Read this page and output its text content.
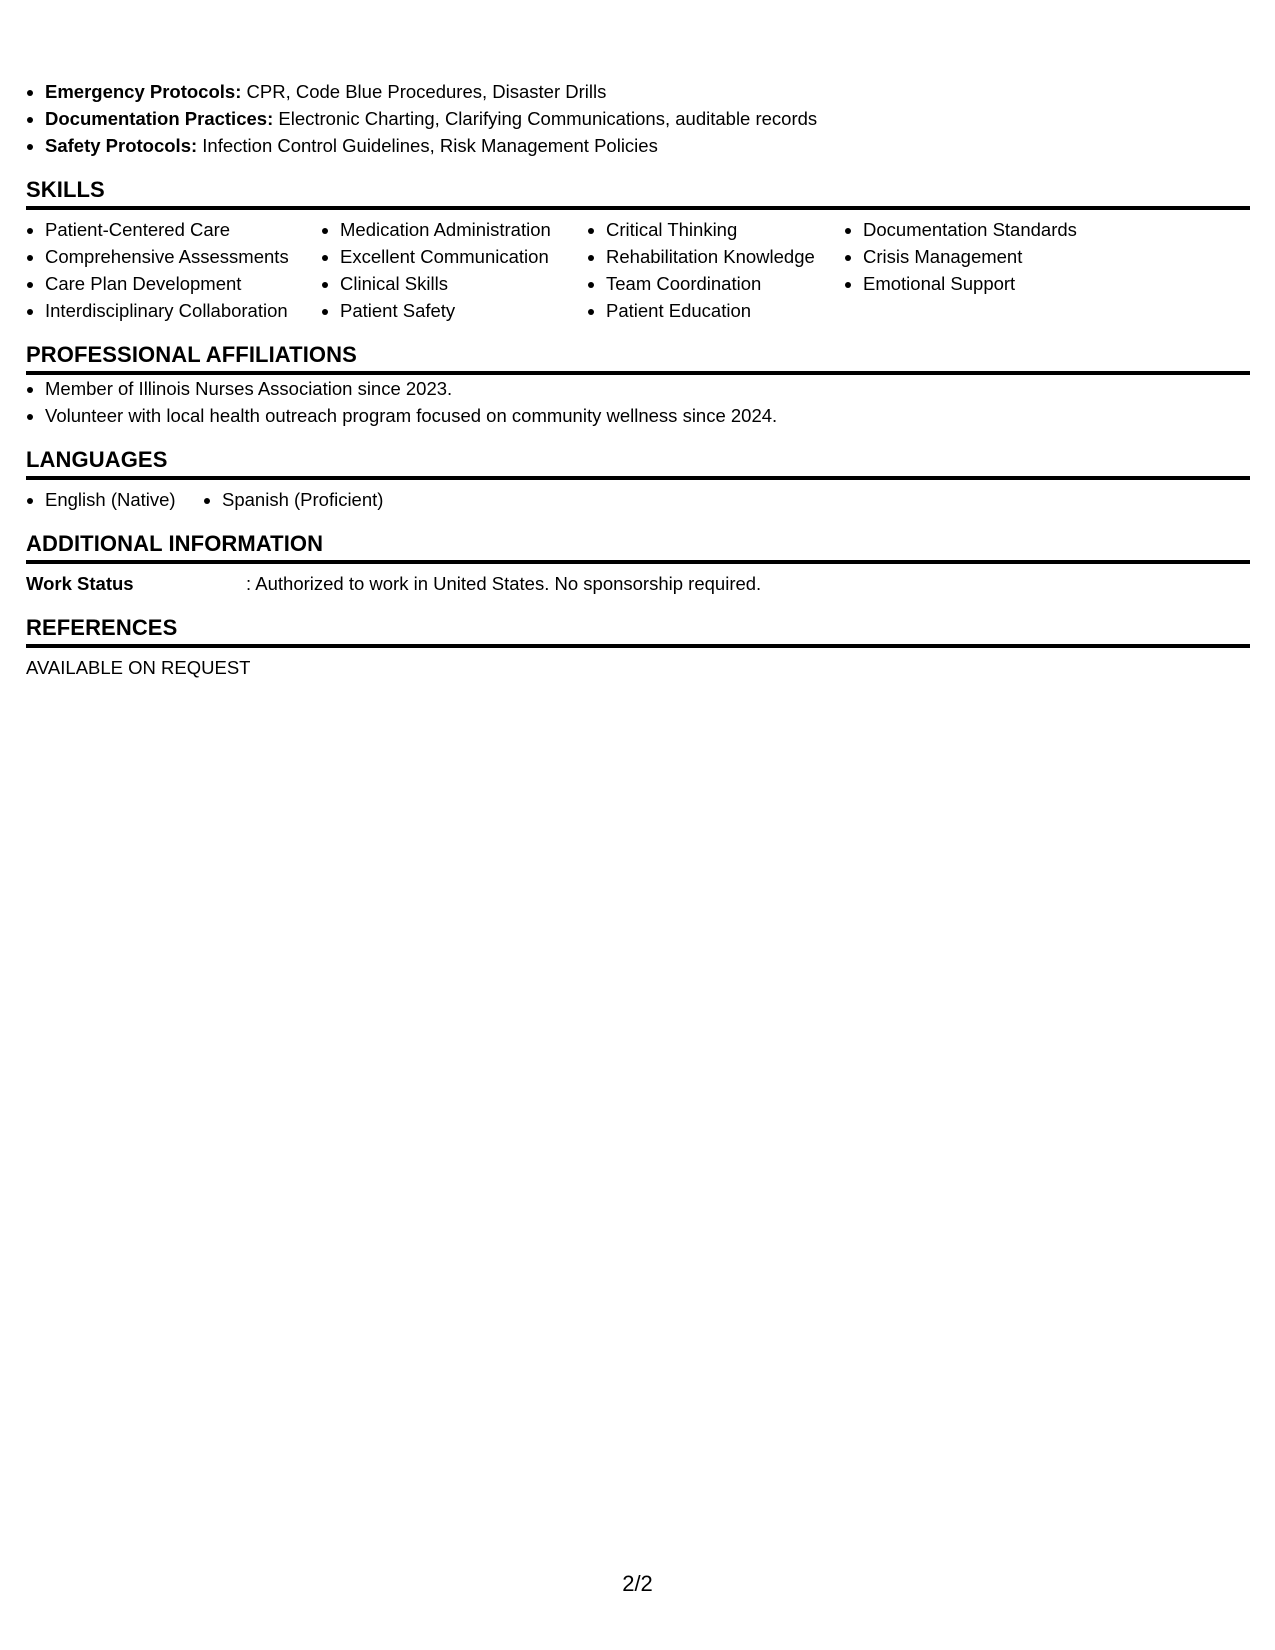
• Emergency Protocols: CPR, Code Blue Procedures, Disaster Drills
• Documentation Practices: Electronic Charting, Clarifying Communications, auditable records
• Safety Protocols: Infection Control Guidelines, Risk Management Policies
SKILLS
• Patient-Centered Care
• Comprehensive Assessments
• Care Plan Development
• Interdisciplinary Collaboration
• Medication Administration
• Excellent Communication
• Clinical Skills
• Patient Safety
• Critical Thinking
• Rehabilitation Knowledge
• Team Coordination
• Patient Education
• Documentation Standards
• Crisis Management
• Emotional Support
PROFESSIONAL AFFILIATIONS
• Member of Illinois Nurses Association since 2023.
• Volunteer with local health outreach program focused on community wellness since 2024.
LANGUAGES
• English (Native)
•	Spanish (Proficient)
ADDITIONAL INFORMATION
Work Status	: Authorized to work in United States. No sponsorship required.
REFERENCES
AVAILABLE ON REQUEST
2/2
